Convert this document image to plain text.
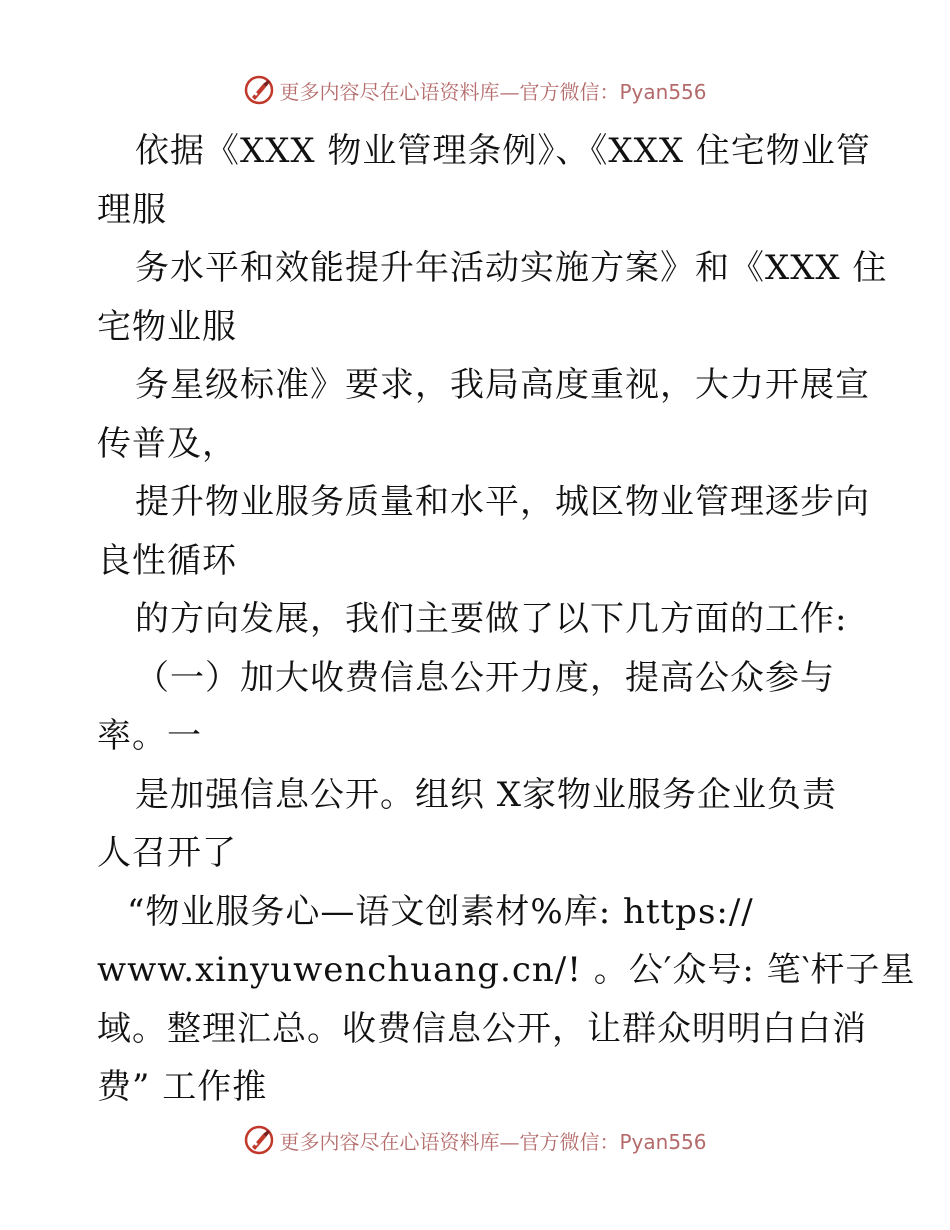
更多内容尽在心语资料库—官方微信：Pyan556
依据《XXX 物业管理条例》、《XXX 住宅物业管
理服
务水平和效能提升年活动实施方案》和《XXX 住
宅物业服
务星级标准》要求，我局高度重视，大力开展宣
传普及，
提升物业服务质量和水平，城区物业管理逐步向
良性循环
的方向发展，我们主要做了以下几方面的工作:
（一）加大收费信息公开力度，提高公众参与
率。一
是加强信息公开。组织 X家物业服务企业负责
人召开了
“物业服务心—语文创素材%库: https://
www.xinyuwenchuang.cn/! 。公′众号: 笔‵杆子星
域。整理汇总。收费信息公开，让群众明明白白消
费” 工作推
更多内容尽在心语资料库—官方微信：Pyan556
